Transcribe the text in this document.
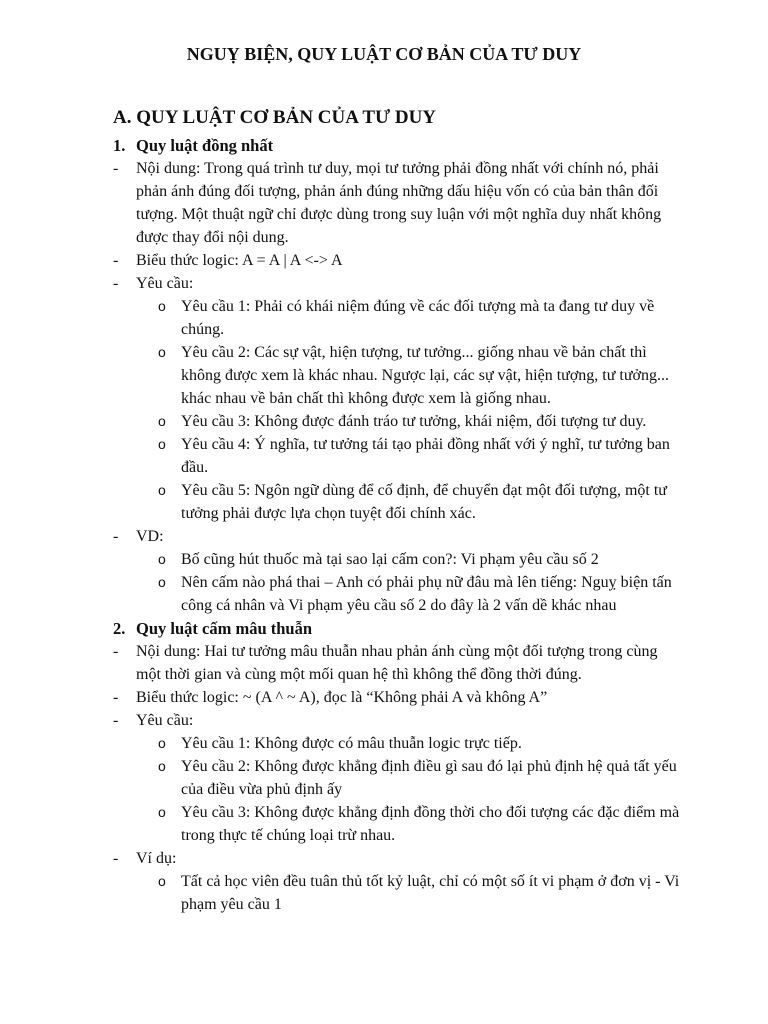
NGUỴ BIỆN, QUY LUẬT CƠ BẢN CỦA TƯ DUY
A. QUY LUẬT CƠ BẢN CỦA TƯ DUY
1. Quy luật đồng nhất
-	Nội dung: Trong quá trình tư duy, mọi tư tưởng phải đồng nhất với chính nó, phải phản ánh đúng đối tượng, phản ánh đúng những dấu hiệu vốn có của bản thân đối tượng. Một thuật ngữ chỉ được dùng trong suy luận với một nghĩa duy nhất không được thay đổi nội dung.
-	Biểu thức logic: A = A | A <-> A
-	Yêu cầu:
o Yêu cầu 1: Phải có khái niệm đúng về các đối tượng mà ta đang tư duy về chúng.
o Yêu cầu 2: Các sự vật, hiện tượng, tư tưởng... giống nhau về bản chất thì không được xem là khác nhau. Ngược lại, các sự vật, hiện tượng, tư tưởng... khác nhau về bản chất thì không được xem là giống nhau.
o Yêu cầu 3: Không được đánh tráo tư tưởng, khái niệm, đối tượng tư duy.
o Yêu cầu 4: Ý nghĩa, tư tưởng tái tạo phải đồng nhất với ý nghĩ, tư tưởng ban đầu.
o Yêu cầu 5: Ngôn ngữ dùng để cố định, để chuyển đạt một đối tượng, một tư tưởng phải được lựa chọn tuyệt đối chính xác.
-	VD:
o Bố cũng hút thuốc mà tại sao lại cấm con?: Vi phạm yêu cầu số 2
o Nên cấm nào phá thai – Anh có phải phụ nữ đâu mà lên tiếng: Nguỵ biện tấn công cá nhân và Vi phạm yêu cầu số 2 do đây là 2 vấn dề khác nhau
2. Quy luật cấm mâu thuẫn
-	Nội dung: Hai tư tưởng mâu thuẫn nhau phản ánh cùng một đối tượng trong cùng một thời gian và cùng một mối quan hệ thì không thể đồng thời đúng.
-	Biểu thức logic: ~ (A ^ ~ A), đọc là “Không phải A và không A”
-	Yêu cầu:
o Yêu cầu 1: Không được có mâu thuẫn logic trực tiếp.
o Yêu cầu 2: Không được khẳng định điều gì sau đó lại phủ định hệ quả tất yếu của điều vừa phủ định ấy
o Yêu cầu 3: Không được khẳng định đồng thời cho đối tượng các đặc điểm mà trong thực tế chúng loại trừ nhau.
-	Ví dụ:
o Tất cả học viên đều tuân thủ tốt kỷ luật, chỉ có một số ít vi phạm ở đơn vị - Vi phạm yêu cầu 1
